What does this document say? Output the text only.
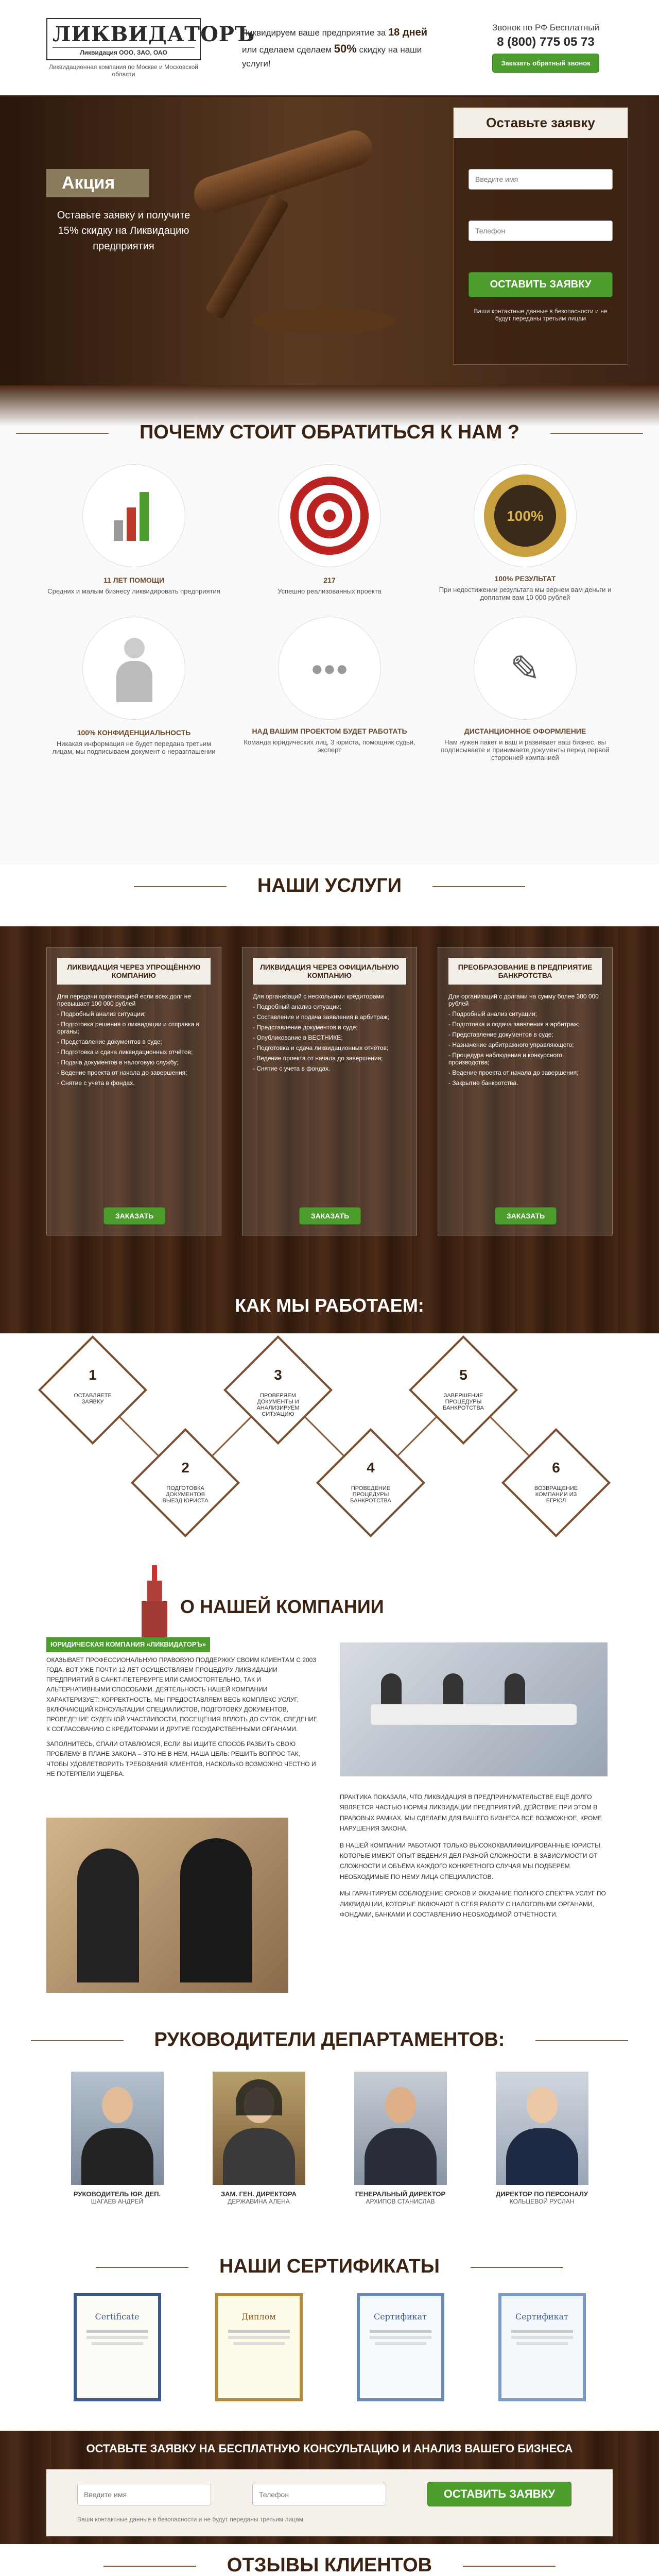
ЛИКВИДАТОРЪ
Ликвидация ООО, ЗАО, ОАО
Ликвидационная компания по Москве и Московской области
Ликвидируем ваше предприятие за 18 дней или сделаем сделаем 50% скидку на наши услуги!
Звонок по РФ Бесплатный
8 (800) 775 05 73
Заказать обратный звонок
Акция
Оставьте заявку и получите 15% скидку на Ликвидацию предприятия
Оставьте заявку
Введите имя
Телефон
ОСТАВИТЬ ЗАЯВКУ
Ваши контактные данные в безопасности и не будут переданы третьим лицам
ПОЧЕМУ СТОИТ ОБРАТИТЬСЯ К НАМ ?
11 ЛЕТ ПОМОЩИ
Средних и малым бизнесу ликвидировать предприятия
217
Успешно реализованных проекта
100%
100% РЕЗУЛЬТАТ
При недостижении результата мы вернем вам деньги и доплатим вам 10 000 рублей
100% КОНФИДЕНЦИАЛЬНОСТЬ
Никакая информация не будет передана третьим лицам, мы подписываем документ о неразглашении
●●●
НАД ВАШИМ ПРОЕКТОМ БУДЕТ РАБОТАТЬ
Команда юридических лиц, 3 юриста, помощник судьи, эксперт
✎
ДИСТАНЦИОННОЕ ОФОРМЛЕНИЕ
Нам нужен пакет и ваш и развивает ваш бизнес, вы подписываете и принимаете документы перед первой сторонней компанией
НАШИ УСЛУГИ
ЛИКВИДАЦИЯ ЧЕРЕЗ УПРОЩЁННУЮ КОМПАНИЮ
Для передачи организацией если всех долг не превышает 100 000 рублей
- Подробный анализ ситуации;
- Подготовка решения о ликвидации и отправка в органы;
- Представление документов в суде;
- Подготовка и сдача ликвидационных отчётов;
- Подача документов в налоговую службу;
- Ведение проекта от начала до завершения;
- Снятие с учета в фондах.
ЗАКАЗАТЬ
ЛИКВИДАЦИЯ ЧЕРЕЗ ОФИЦИАЛЬНУЮ КОМПАНИЮ
Для организаций с несколькими кредиторами
- Подробный анализ ситуации;
- Составление и подача заявления в арбитраж;
- Представление документов в суде;
- Опубликование в ВЕСТНИКЕ;
- Подготовка и сдача ликвидационных отчётов;
- Ведение проекта от начала до завершения;
- Снятие с учета в фондах.
ЗАКАЗАТЬ
ПРЕОБРАЗОВАНИЕ В ПРЕДПРИЯТИЕ БАНКРОТСТВА
Для организаций с долгами на сумму более 300 000 рублей
- Подробный анализ ситуации;
- Подготовка и подача заявления в арбитраж;
- Представление документов в суде;
- Назначение арбитражного управляющего;
- Процедура наблюдения и конкурсного производства;
- Ведение проекта от начала до завершения;
- Закрытие банкротства.
ЗАКАЗАТЬ
КАК МЫ РАБОТАЕМ:
1
ОСТАВЛЯЕТЕ ЗАЯВКУ
2
ПОДГОТОВКА ДОКУМЕНТОВ ВЫЕЗД ЮРИСТА
3
ПРОВЕРЯЕМ ДОКУМЕНТЫ И АНАЛИЗИРУЕМ СИТУАЦИЮ
4
ПРОВЕДЕНИЕ ПРОЦЕДУРЫ БАНКРОТСТВА
5
ЗАВЕРШЕНИЕ ПРОЦЕДУРЫ БАНКРОТСТВА
6
ВОЗВРАЩЕНИЕ КОМПАНИИ ИЗ ЕГРЮЛ
О НАШЕЙ КОМПАНИИ
ЮРИДИЧЕСКАЯ КОМПАНИЯ «ЛИКВИДАТОРЪ»
ОКАЗЫВАЕТ ПРОФЕССИОНАЛЬНУЮ ПРАВОВУЮ ПОДДЕРЖКУ СВОИМ КЛИЕНТАМ С 2003 ГОДА. ВОТ УЖЕ ПОЧТИ 12 ЛЕТ ОСУЩЕСТВЛЯЕМ ПРОЦЕДУРУ ЛИКВИДАЦИИ ПРЕДПРИЯТИЙ В САНКТ-ПЕТЕРБУРГЕ ИЛИ САМОСТОЯТЕЛЬНО, ТАК И АЛЬТЕРНАТИВНЫМИ СПОСОБАМИ. ДЕЯТЕЛЬНОСТЬ НАШЕЙ КОМПАНИИ ХАРАКТЕРИЗУЕТ: КОРРЕКТНОСТЬ, МЫ ПРЕДОСТАВЛЯЕМ ВЕСЬ КОМПЛЕКС УСЛУГ, ВКЛЮЧАЮЩИЙ КОНСУЛЬТАЦИИ СПЕЦИАЛИСТОВ, ПОДГОТОВКУ ДОКУМЕНТОВ, ПРОВЕДЕНИЕ СУДЕБНОЙ УЧАСТЛИВОСТИ, ПОСЕЩЕНИЯ ВПЛОТЬ ДО СУТОК, СВЕДЕНИЕ К СОГЛАСОВАНИЮ С КРЕДИТОРАМИ И ДРУГИЕ ГОСУДАРСТВЕННЫМИ ОРГАНАМИ.
ЗАПОЛНИТЕСЬ, СПАЛИ ОТАВЛЮМСЯ, ЕСЛИ ВЫ ИЩИТЕ СПОСОБ РАЗБИТЬ СВОЮ ПРОБЛЕМУ В ПЛАНЕ ЗАКОНА – ЭТО НЕ В НЕМ, НАША ЦЕЛЬ: РЕШИТЬ ВОПРОС ТАК, ЧТОБЫ УДОВЛЕТВОРИТЬ ТРЕБОВАНИЯ КЛИЕНТОВ, НАСКОЛЬКО ВОЗМОЖНО ЧЕСТНО И НЕ ПОТЕРПЕЛИ УЩЕРБА.
ПРАКТИКА ПОКАЗАЛА, ЧТО ЛИКВИДАЦИЯ В ПРЕДПРИНИМАТЕЛЬСТВЕ ЕЩЁ ДОЛГО ЯВЛЯЕТСЯ ЧАСТЬЮ НОРМЫ ЛИКВИДАЦИИ ПРЕДПРИЯТИЙ, ДЕЙСТВИЕ ПРИ ЭТОМ В ПРАВОВЫХ РАМКАХ. МЫ СДЕЛАЕМ ДЛЯ ВАШЕГО БИЗНЕСА ВСЕ ВОЗМОЖНОЕ, КРОМЕ НАРУШЕНИЯ ЗАКОНА.
В НАШЕЙ КОМПАНИИ РАБОТАЮТ ТОЛЬКО ВЫСОКОКВАЛИФИЦИРОВАННЫЕ ЮРИСТЫ, КОТОРЫЕ ИМЕЮТ ОПЫТ ВЕДЕНИЯ ДЕЛ РАЗНОЙ СЛОЖНОСТИ. В ЗАВИСИМОСТИ ОТ СЛОЖНОСТИ И ОБЪЁМА КАЖДОГО КОНКРЕТНОГО СЛУЧАЯ МЫ ПОДБЕРЁМ НЕОБХОДИМЫЕ ПО НЕМУ ЛИЦА СПЕЦИАЛИСТОВ.
МЫ ГАРАНТИРУЕМ СОБЛЮДЕНИЕ СРОКОВ И ОКАЗАНИЕ ПОЛНОГО СПЕКТРА УСЛУГ ПО ЛИКВИДАЦИИ, КОТОРЫЕ ВКЛЮЧАЮТ В СЕБЯ РАБОТУ С НАЛОГОВЫМИ ОРГАНАМИ, ФОНДАМИ, БАНКАМИ И СОСТАВЛЕНИЮ НЕОБХОДИМОЙ ОТЧЁТНОСТИ.
РУКОВОДИТЕЛИ ДЕПАРТАМЕНТОВ:
РУКОВОДИТЕЛЬ ЮР. ДЕП.
ШАГАЕВ АНДРЕЙ
ЗАМ. ГЕН. ДИРЕКТОРА
ДЕРЖАВИНА АЛЕНА
ГЕНЕРАЛЬНЫЙ ДИРЕКТОР
АРХИПОВ СТАНИСЛАВ
ДИРЕКТОР ПО ПЕРСОНАЛУ
КОЛЬЦЕВОЙ РУСЛАН
НАШИ СЕРТИФИКАТЫ
Certificate	Диплом	Сертификат	Сертификат
ОСТАВЬТЕ ЗАЯВКУ НА БЕСПЛАТНУЮ КОНСУЛЬТАЦИЮ И АНАЛИЗ ВАШЕГО БИЗНЕСА
Введите имя
Телефон
ОСТАВИТЬ ЗАЯВКУ
Ваши контактные данные в безопасности и не будут переданы третьим лицам
ОТЗЫВЫ КЛИЕНТОВ
